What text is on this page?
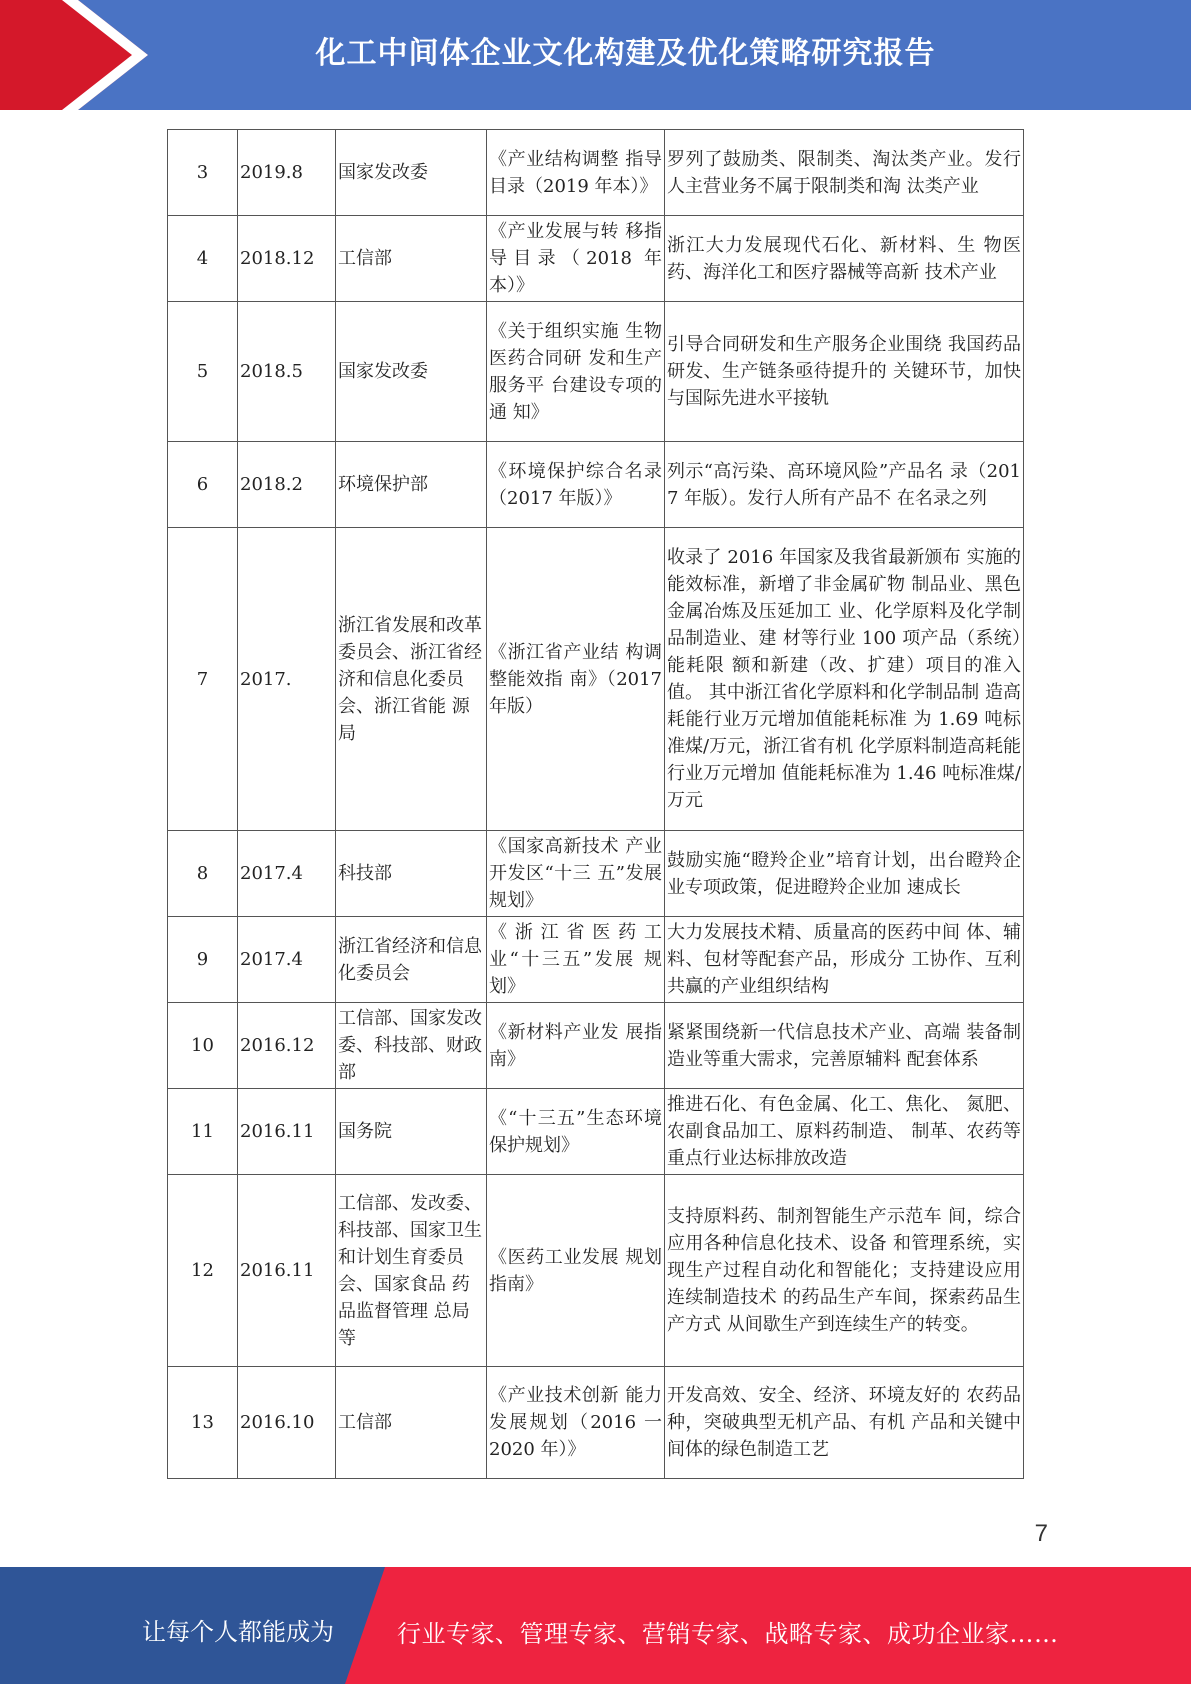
化工中间体企业文化构建及优化策略研究报告
3	2019.8	国家发改委	《产业结构调整 指导目录（2019 年本）》	罗列了鼓励类、限制类、淘汰类产业。发行人主营业务不属于限制类和淘 汰类产业
4	2018.12	工信部	《产业发展与转 移指导目录（2018 年本）》	浙江大力发展现代石化、新材料、生 物医药、海洋化工和医疗器械等高新 技术产业
5	2018.5	国家发改委	《关于组织实施 生物医药合同研 发和生产服务平 台建设专项的通 知》	引导合同研发和生产服务企业围绕 我国药品研发、生产链条亟待提升的 关键环节，加快与国际先进水平接轨
6	2018.2	环境保护部	《环境保护综合名录（2017 年版）》	列示“高污染、高环境风险”产品名 录（2017 年版）。发行人所有产品不 在名录之列
7	2017.	浙江省发展和改革委员会、浙江省经济和信息化委员 会、浙江省能 源局	《浙江省产业结 构调整能效指 南》（2017 年版）	收录了 2016 年国家及我省最新颁布 实施的能效标准，新增了非金属矿物 制品业、黑色金属冶炼及压延加工 业、化学原料及化学制品制造业、建 材等行业 100 项产品（系统）能耗限 额和新建（改、扩建）项目的准入值。 其中浙江省化学原料和化学制品制 造高耗能行业万元增加值能耗标准 为 1.69 吨标准煤/万元，浙江省有机 化学原料制造高耗能行业万元增加 值能耗标准为 1.46 吨标准煤/万元
8	2017.4	科技部	《国家高新技术 产业开发区“十三 五”发展规划》	鼓励实施“瞪羚企业”培育计划，出台瞪羚企业专项政策，促进瞪羚企业加 速成长
9	2017.4	浙江省经济和信息化委员会	《浙江省医药工 业“十三五”发展 规划》	大力发展技术精、质量高的医药中间 体、辅料、包材等配套产品，形成分 工协作、互利共赢的产业组织结构
10	2016.12	工信部、国家发改委、科技部、财政部	《新材料产业发 展指南》	紧紧围绕新一代信息技术产业、高端 装备制造业等重大需求，完善原辅料 配套体系
11	2016.11	国务院	《“十三五”生态环境保护规划》	推进石化、有色金属、化工、焦化、 氮肥、农副食品加工、原料药制造、 制革、农药等重点行业达标排放改造
12	2016.11	工信部、发改委、科技部、国家卫生和计划生育委员 会、国家食品 药品监督管理 总局等	《医药工业发展 规划指南》	支持原料药、制剂智能生产示范车 间，综合应用各种信息化技术、设备 和管理系统，实现生产过程自动化和智能化；支持建设应用连续制造技术 的药品生产车间，探索药品生产方式 从间歇生产到连续生产的转变。
13	2016.10	工信部	《产业技术创新 能力发展规划（2016 一 2020 年）》	开发高效、安全、经济、环境友好的 农药品种，突破典型无机产品、有机 产品和关键中间体的绿色制造工艺
7
让每个人都能成为	行业专家、管理专家、营销专家、战略专家、成功企业家……
